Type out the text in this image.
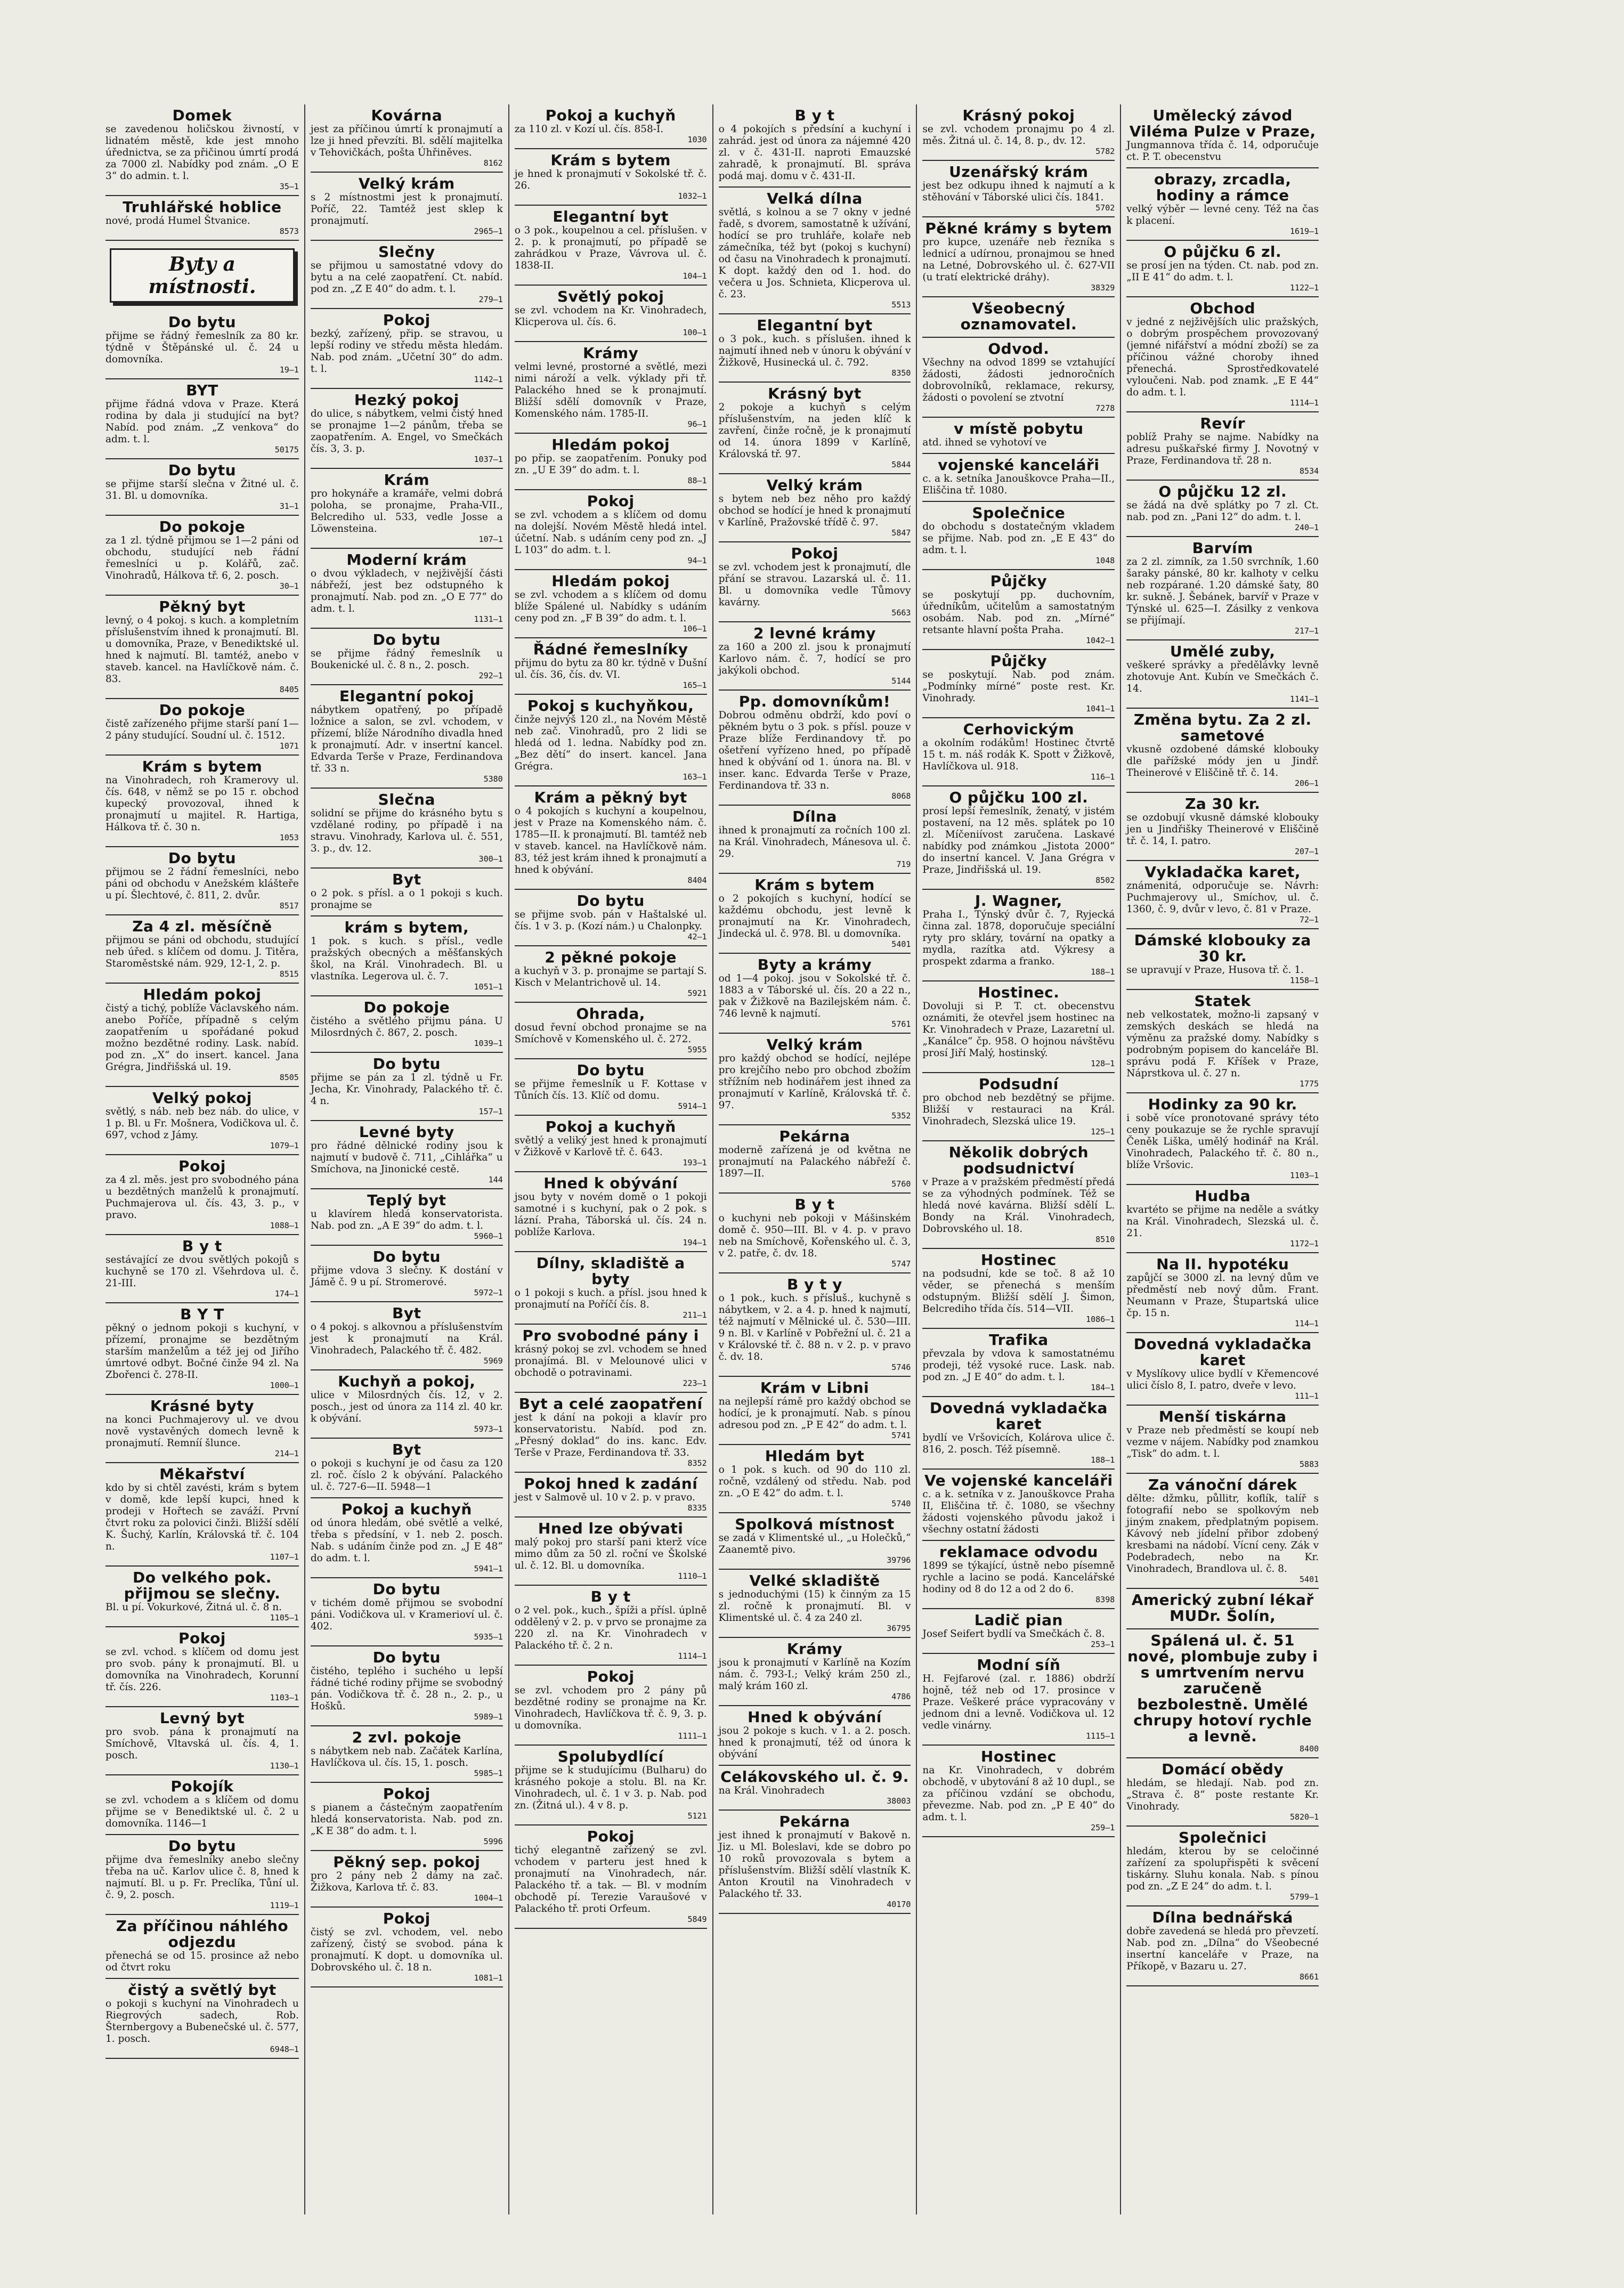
Domek
se zavedenou holičskou živností, v lidnatém městě, kde jest mnoho úřednictva, se za přičinou úmrtí prodá za 7000 zl. Nabídky pod znám. „O E 3“ do admin. t. l.
35—1
Truhlářské hoblice
nové, prodá Humel Štvanice.
8573
Byty a místnosti.
Do bytu
přijme se řádný řemeslník za 80 kr. týdně v Štěpánské ul. č. 24 u domovníka.
19—1
BYT
přijme řádná vdova v Praze. Která rodina by dala ji studující na byt? Nabíd. pod znám. „Z venkova“ do adm. t. l.
50175
Do bytu
se přijme starší slečna v Žitné ul. č. 31. Bl. u domovníka.
31—1
Do pokoje
za 1 zl. týdně přijmou se 1—2 páni od obchodu, studující neb řádní řemeslníci u p. Kolářů, zač. Vinohradů, Hálkova tř. 6, 2. posch.
30—1
Pěkný byt
levný, o 4 pokoj. s kuch. a kompletním příslušenstvím ihned k pronajmutí. Bl. u domovníka, Praze, v Benediktské ul. hned k najmutí. Bl. tamtéž, anebo v staveb. kancel. na Havlíčkově nám. č. 83.
8405
Do pokoje
čistě zařízeného přijme starší paní 1—2 pány studující. Soudní ul. č. 1512.
1071
Krám s bytem
na Vinohradech, roh Kramerovy ul. čís. 648, v němž se po 15 r. obchod kupecký provozoval, ihned k pronajmutí u majitel. R. Hartiga, Hálkova tř. č. 30 n.
1053
Do bytu
přijmou se 2 řádní řemeslníci, nebo páni od obchodu v Anežském klášteře u pí. Šlechtové, č. 811, 2. dvůr.
8517
Za 4 zl. měsíčně
přijmou se páni od obchodu, studující neb úřed. s klíčem od domu. J. Titěra, Staroměstské nám. 929, 12-1, 2. p.
8515
Hledám pokoj
čistý a tichý, poblíže Václavského nám. anebo Poříče, případně s celým zaopatřením u spořádané pokud možno bezdětné rodiny. Lask. nabíd. pod zn. „X“ do insert. kancel. Jana Grégra, Jindřišská ul. 19.
8505
Velký pokoj
světlý, s náb. neb bez náb. do ulice, v 1 p. Bl. u Fr. Mošnera, Vodičkova ul. č. 697, vchod z Jámy.
1079—1
Pokoj
za 4 zl. měs. jest pro svobodného pána u bezdětných manželů k pronajmutí. Puchmajerova ul. čís. 43, 3. p., v pravo.
1088—1
B y t
sestávající ze dvou světlých pokojů s kuchyně se 170 zl. Všehrdova ul. č. 21-III.
174—1
B Y T
pěkný o jednom pokoji s kuchyní, v přízemí, pronajme se bezdětným starším manželům a též jej od Jiřího úmrtové odbyt. Bočné činže 94 zl. Na Zbořenci č. 278-II.
1000—1
Krásné byty
na konci Puchmajerovy ul. ve dvou nově vystavěných domech levně k pronajmutí. Remníí šlunce.
214—1
Měkařství
kdo by si chtěl zavésti, krám s bytem v domě, kde lepší kupci, hned k prodeji v Hořtech se zaváží. První čtvrt roku za polovici činži. Bližší sdělí K. Šuchý, Karlín, Královská tř. č. 104 n.
1107—1
Do velkého pok. přijmou se slečny.
Bl. u pí. Vokurkové, Žitná ul. č. 8 n.
1105—1
Pokoj
se zvl. vchod. s klíčem od domu jest pro svob. pány k pronajmutí. Bl. u domovníka na Vinohradech, Korunní tř. čís. 226.
1103—1
Levný byt
pro svob. pána k pronajmutí na Smíchově, Vltavská ul. čís. 4, 1. posch.
1130—1
Pokojík
se zvl. vchodem a s klíčem od domu přijme se v Benediktské ul. č. 2 u domovníka. 1146—1
Do bytu
přijme dva řemeslníky anebo slečny třeba na uč. Karlov ulice č. 8, hned k najmutí. Bl. u p. Fr. Preclíka, Tůní ul. č. 9, 2. posch.
1119—1
Za příčinou náhlého odjezdu
přenechá se od 15. prosince až nebo od čtvrt roku
čistý a světlý byt
o pokoji s kuchyní na Vinohradech u Riegrových sadech, Rob. Šternbergovy a Bubenečské ul. č. 577, 1. posch.
6948—1
Kovárna
jest za příčinou úmrtí k pronajmutí a lze ji hned převzíti. Bl. sdělí majitelka v Tehovičkách, pošta Úhřiněves.
8162
Velký krám
s 2 místnostmi jest k pronajmutí. Poříč, 22. Tamtéž jest sklep k pronajmutí.
2965—1
Slečny
se přijmou u samostatné vdovy do bytu a na celé zaopatření. Ct. nabíd. pod zn. „Z E 40“ do adm. t. l.
279—1
Pokoj
bezký, zařízený, přip. se stravou, u lepší rodiny ve středu města hledám. Nab. pod znám. „Učetní 30“ do adm. t. l.
1142—1
Hezký pokoj
do ulice, s nábytkem, velmi čistý hned se pronajme 1—2 pánům, třeba se zaopatřením. A. Engel, vo Smečkách čís. 3, 3. p.
1037—1
Krám
pro hokynáře a kramáře, velmi dobrá poloha, se pronajme, Praha-VII., Belcrediho ul. 533, vedle Josse a Löwensteina.
107—1
Moderní krám
o dvou výkladech, v nejživější části nábřeží, jest bez odstupného k pronajmutí. Nab. pod zn. „O E 77“ do adm. t. l.
1131—1
Do bytu
se přijme řádný řemeslník u Boukenické ul. č. 8 n., 2. posch.
292—1
Elegantní pokoj
nábytkem opatřený, po případě ložnice a salon, se zvl. vchodem, v přízemí, blíže Národního divadla hned k pronajmutí. Adr. v insertní kancel. Edvarda Terše v Praze, Ferdinandova tř. 33 n.
5380
Slečna
solidní se přijme do krásného bytu s vzdělané rodiny, po případě i na stravu. Vinohrady, Karlova ul. č. 551, 3. p., dv. 12.
300—1
Byt
o 2 pok. s přísl. a o 1 pokoji s kuch. pronajme se
krám s bytem,
1 pok. s kuch. s přísl., vedle pražských obecných a měšťanských škol, na Král. Vinohradech. Bl. u vlastníka. Legerova ul. č. 7.
1051—1
Do pokoje
čistého a světlého přijmu pána. U Milosrdných č. 867, 2. posch.
1039—1
Do bytu
přijme se pán za 1 zl. týdně u Fr. Jecha, Kr. Vinohrady, Palackého tř. č. 4 n.
157—1
Levné byty
pro řádné dělnické rodiny jsou k najmutí v budově č. 711, „Cihlářka“ u Smíchova, na Jinonické cestě.
144
Teplý byt
u klavírem hledá konservatorista. Nab. pod zn. „A E 39“ do adm. t. l.
5960—1
Do bytu
přijme vdova 3 slečny. K dostání v Jámě č. 9 u pí. Stromerové.
5972—1
Byt
o 4 pokoj. s alkovnou a příslušenstvím jest k pronajmutí na Král. Vinohradech, Palackého tř. č. 482.
5969
Kuchyň a pokoj,
ulice v Milosrdných čís. 12, v 2. posch., jest od února za 114 zl. 40 kr. k obývání.
5973—1
Byt
o pokoji s kuchyní je od času za 120 zl. roč. číslo 2 k obývání. Palackého ul. č. 727-6—II. 5948—1
Pokoj a kuchyň
od února hledám, obé světlé a velké, třeba s předsíní, v 1. neb 2. posch. Nab. s udáním činže pod zn. „J E 48“ do adm. t. l.
5941—1
Do bytu
v tichém domě přijmou se svobodní páni. Vodičkova ul. v Kramerioví ul. č. 402.
5935—1
Do bytu
čistého, teplého i suchého u lepší řádné tiché rodiny přijme se svobodný pán. Vodičkova tř. č. 28 n., 2. p., u Hošků.
5989—1
2 zvl. pokoje
s nábytkem neb nab. Začátek Karlína, Havlíčkova ul. čís. 15, 1. posch.
5985—1
Pokoj
s pianem a částečným zaopatřením hledá konservatorista. Nab. pod zn. „K E 38“ do adm. t. l.
5996
Pěkný sep. pokoj
pro 2 pány neb 2 dámy na zač. Žižkova, Karlova tř. č. 83.
1004—1
Pokoj
čistý se zvl. vchodem, vel. nebo zařízený, čistý se svobod. pána k pronajmutí. K dopt. u domovníka ul. Dobrovského ul. č. 18 n.
1081—1
Pokoj a kuchyň
za 110 zl. v Kozí ul. čís. 858-I.
1030
Krám s bytem
je hned k pronajmutí v Sokolské tř. č. 26.
1032—1
Elegantní byt
o 3 pok., koupelnou a cel. příslušen. v 2. p. k pronajmutí, po případě se zahrádkou v Praze, Vávrova ul. č. 1838-II.
104—1
Světlý pokoj
se zvl. vchodem na Kr. Vinohradech, Klicperova ul. čís. 6.
100—1
Krámy
velmi levné, prostorné a světlé, mezi nimi nároží a velk. výklady při tř. Palackého hned se k pronajmutí. Bližší sdělí domovník v Praze, Komenského nám. 1785-II.
96—1
Hledám pokoj
po přip. se zaopatřením. Ponuky pod zn. „U E 39“ do adm. t. l.
88—1
Pokoj
se zvl. vchodem a s klíčem od domu na dolejší. Novém Městě hledá intel. účetní. Nab. s udáním ceny pod zn. „J L 103“ do adm. t. l.
94—1
Hledám pokoj
se zvl. vchodem a s klíčem od domu blíže Spálené ul. Nabídky s udáním ceny pod zn. „F B 39“ do adm. t. l.
106—1
Řádné řemeslníky
přijmu do bytu za 80 kr. týdně v Dušní ul. čís. 36, čís. dv. VI.
165—1
Pokoj s kuchyňkou,
činže nejvýš 120 zl., na Novém Městě neb zač. Vinohradů, pro 2 lidi se hledá od 1. ledna. Nabídky pod zn. „Bez dětí“ do insert. kancel. Jana Grégra.
163—1
Krám a pěkný byt
o 4 pokojích s kuchyní a koupelnou, jest v Praze na Komenského nám. č. 1785—II. k pronajmutí. Bl. tamtéž neb v staveb. kancel. na Havlíčkově nám. 83, též jest krám ihned k pronajmutí a hned k obývání.
8404
Do bytu
se přijme svob. pán v Haštalské ul. čís. 1 v 3. p. (Kozí nám.) u Chalonpky.
42—1
2 pěkné pokoje
a kuchyň v 3. p. pronajme se partají S. Kisch v Melantrichově ul. 14.
5921
Ohrada,
dosud řevní obchod pronajme se na Smíchově v Komenského ul. č. 272.
5955
Do bytu
se přijme řemeslník u F. Kottase v Tůních čís. 13. Klíč od domu.
5914—1
Pokoj a kuchyň
světlý a veliký jest hned k pronajmutí v Žižkově v Karlově tř. č. 643.
193—1
Hned k obývání
jsou byty v novém domě o 1 pokoji samotné i s kuchyní, pak o 2 pok. s lázní. Praha, Táborská ul. čís. 24 n. poblíže Karlova.
194—1
Dílny, skladiště a byty
o 1 pokoji s kuch. a přísl. jsou hned k pronajmutí na Poříčí čís. 8.
211—1
Pro svobodné pány i
krásný pokoj se zvl. vchodem se hned pronajímá. Bl. v Melounové ulici v obchodě o potravinami.
223—1
Byt a celé zaopatření
jest k dání na pokoji a klavír pro konservatoristu. Nabíd. pod zn. „Přesný doklad“ do ins. kanc. Edv. Terše v Praze, Ferdinandova tř. 33.
8352
Pokoj hned k zadání
jest v Salmově ul. 10 v 2. p. v pravo.
8335
Hned lze obývati
malý pokoj pro starší pani kterž více mimo dům za 50 zl. roční ve Školské ul. č. 12. Bl. u domovníka.
1110—1
B y t
o 2 vel. pok., kuch., špíži a přísl. úplně oddělený v 2. p. v prvo se pronajme za 220 zl. na Kr. Vinohradech v Palackého tř. č. 2 n.
1114—1
Pokoj
se zvl. vchodem pro 2 pány pů bezdětné rodiny se pronajme na Kr. Vinohradech, Havlíčkova tř. č. 9, 3. p. u domovníka.
1111—1
Spolubydlící
přijme se k studujícímu (Bulharu) do krásného pokoje a stolu. Bl. na Kr. Vinohradech, ul. č. 1 v 3. p. Nab. pod zn. (Žitná ul.). 4 v 8. p.
5121
Pokoj
tichý elegantně zařízený se zvl. vchodem v parteru jest hned k pronajmutí na Vinohradech, nár. Palackého tř. a tak. — Bl. v modním obchodě pí. Terezie Varaušové v Palackého tř. proti Orfeum.
5849
B y t
o 4 pokojích s předsíní a kuchyní i zahrád. jest od února za nájemné 420 zl. v č. 431-II. naproti Emauzské zahradě, k pronajmutí. Bl. správa podá maj. domu v č. 431-II.
Velká dílna
světlá, s kolnou a se 7 okny v jedné řadě, s dvorem, samostatně k užívání, hodící se pro truhláře, kolaře neb zámečníka, též byt (pokoj s kuchyní) od času na Vinohradech k pronajmutí. K dopt. každý den od 1. hod. do večera u Jos. Schnieta, Klicperova ul. č. 23.
5513
Elegantní byt
o 3 pok., kuch. s příslušen. ihned k najmutí ihned neb v únoru k obývání v Žižkově, Husinecká ul. č. 792.
8350
Krásný byt
2 pokoje a kuchyň s celým příslušenstvím, na jeden klíč k zavření, činže ročně, je k pronajmutí od 14. února 1899 v Karlíně, Královská tř. 97.
5844
Velký krám
s bytem neb bez něho pro každý obchod se hodící je hned k pronajmutí v Karlíně, Pražovské třídě č. 97.
5847
Pokoj
se zvl. vchodem jest k pronajmutí, dle přání se stravou. Lazarská ul. č. 11. Bl. u domovníka vedle Tůmovy kavárny.
5663
2 levné krámy
za 160 a 200 zl. jsou k pronajmutí Karlovo nám. č. 7, hodící se pro jakýkoli obchod.
5144
Pp. domovníkům!
Dobrou odměnu obdrží, kdo poví o pěkném bytu o 3 pok. s přísl. pouze v Praze blíže Ferdinandovy tř. po ošetření vyřízeno hned, po případě hned k obývání od 1. února na. Bl. v inser. kanc. Edvarda Terše v Praze, Ferdinandova tř. 33 n.
8068
Dílna
ihned k pronajmutí za ročních 100 zl. na Král. Vinohradech, Mánesova ul. č. 29.
719
Krám s bytem
o 2 pokojích s kuchyní, hodící se každému obchodu, jest levně k pronajmutí na Kr. Vinohradech, Jindecká ul. č. 978. Bl. u domovníka.
5401
Byty a krámy
od 1—4 pokoj. jsou v Sokolské tř. č. 1883 a v Táborské ul. čís. 20 a 22 n., pak v Žižkově na Bazilejském nám. č. 746 levně k najmutí.
5761
Velký krám
pro každý obchod se hodící, nejlépe pro krejčího nebo pro obchod zbožím střížním neb hodinářem jest ihned za pronajmutí v Karlíně, Královská tř. č. 97.
5352
Pekárna
moderně zařízená je od května ne pronajmutí na Palackého nábřeží č. 1897—II.
5760
B y t
o kuchyni neb pokoji v Mášinském domě č. 950—III. Bl. v 4. p. v pravo neb na Smíchově, Kořenského ul. č. 3, v 2. patře, č. dv. 18.
5747
B y t y
o 1 pok., kuch. s přísluš., kuchyně s nábytkem, v 2. a 4. p. hned k najmutí, též najmutí v Mělnické ul. č. 530—III. 9 n. Bl. v Karlíně v Pobřežní ul. č. 21 a v Královské tř. č. 88 n. v 2. p. v pravo č. dv. 18.
5746
Krám v Libni
na nejlepší rámě pro každý obchod se hodící, je k pronajmutí. Nab. s pínou adresou pod zn. „P E 42“ do adm. t. l.
5741
Hledám byt
o 1 pok. s kuch. od 90 do 110 zl. ročně, vzdálený od středu. Nab. pod zn. „O E 42“ do adm. t. l.
5740
Spolková místnost
se zadá v Klimentské ul., „u Holečků,“ Zaanemtě pivo.
39796
Velké skladiště
s jednoduchými (15) k činným za 15 zl. ročně k pronajmutí. Bl. v Klimentské ul. č. 4 za 240 zl.
36795
Krámy
jsou k pronajmutí v Karlíně na Kozím nám. č. 793-I.; Velký krám 250 zl., malý krám 160 zl.
4786
Hned k obývání
jsou 2 pokoje s kuch. v 1. a 2. posch. hned k pronajmutí, též od února k obývání
Celákovského ul. č. 9.
na Král. Vinohradech
38003
Pekárna
jest ihned k pronajmutí v Bakově n. Jiz. u Ml. Boleslavi, kde se dobro po 10 roků provozovala s bytem a příslušenstvím. Bližší sdělí vlastník K. Anton Kroutil na Vinohradech v Palackého tř. 33.
40170
Krásný pokoj
se zvl. vchodem pronajmu po 4 zl. měs. Žitná ul. č. 14, 8. p., dv. 12.
5782
Uzenářský krám
jest bez odkupu ihned k najmutí a k stěhování v Táborské ulici čís. 1841.
5702
Pěkné krámy s bytem
pro kupce, uzenáře neb řezníka s lednicí a udírnou, pronajmou se hned na Letné, Dobrovského ul. č. 627-VII (u tratí elektrické dráhy).
38329
Všeobecný oznamovatel.
Odvod.
Všechny na odvod 1899 se vztahující žádosti, žádosti jednoročních dobrovolníků, reklamace, rekursy, žádosti o povolení se ztvotní
7278
v místě pobytu
atd. ihned se vyhotoví ve
vojenské kanceláři
c. a k. setníka Janouškovce Praha—II., Eliščina tř. 1080.
Společnice
do obchodu s dostatečným vkladem se přijme. Nab. pod zn. „E E 43“ do adm. t. l.
1048
Půjčky
se poskytují pp. duchovním, úředníkům, učitelům a samostatným osobám. Nab. pod zn. „Mírné“ retsante hlavní pošta Praha.
1042—1
Půjčky
se poskytují. Nab. pod znám. „Podmínky mírné“ poste rest. Kr. Vinohrady.
1041—1
Cerhovickým
a okolním rodákům! Hostinec čtvrtě 15 t. m. náš rodák K. Spott v Žižkově, Havlíčkova ul. 918.
116—1
O půjčku 100 zl.
prosí lepší řemeslník, ženatý, v jistém postavení, na 12 měs. splátek po 10 zl. Míčeniívost zaručena. Laskavé nabídky pod známkou „Jistota 2000“ do insertní kancel. V. Jana Grégra v Praze, Jindřišská ul. 19.
8502
J. Wagner,
Praha I., Týnský dvůr č. 7, Ryjecká činna zal. 1878, doporučuje speciální ryty pro skláry, tovární na opatky a mydla, razítka atd. Výkresy a prospekt zdarma a franko.
188—1
Hostinec.
Dovoluji si P. T. ct. obecenstvu oznámiti, že otevřel jsem hostinec na Kr. Vinohradech v Praze, Lazaretní ul. „Kanálce“ čp. 958. O hojnou návštěvu prosí Jiří Malý, hostinský.
128—1
Podsudní
pro obchod neb bezdětný se přijme. Bližší v restauraci na Král. Vinohradech, Slezská ulice 19.
125—1
Několik dobrých podsudnictví
v Praze a v pražském předměstí předá se za výhodných podmínek. Též se hledá nové kavárna. Bližší sdělí L. Bondy na Král. Vinohradech, Dobrovského ul. 18.
8510
Hostinec
na podsudní, kde se toč. 8 až 10 věder, se přenechá s menším odstupným. Bližší sdělí J. Šimon, Belcrediho třída čís. 514—VII.
1086—1
Trafika
převzala by vdova k samostatnému prodeji, též vysoké ruce. Lask. nab. pod zn. „J E 40“ do adm. t. l.
184—1
Dovedná vykladačka karet
bydlí ve Vršovicích, Kolárova ulice č. 816, 2. posch. Též písemně.
188—1
Ve vojenské kanceláři
c. a k. setníka v z. Janouškovce Praha II, Eliščina tř. č. 1080, se všechny žádosti vojenského původu jakož i všechny ostatní žádosti
reklamace odvodu
1899 se týkající, ústně nebo písemně rychle a lacino se podá. Kancelářské hodiny od 8 do 12 a od 2 do 6.
8398
Ladič pian
Josef Seifert bydlí va Smečkách č. 8.
253—1
Modní síň
H. Fejfarové (zal. r. 1886) obdrží hojně, též neb od 17. prosince v Praze. Veškeré práce vypracovány v jednom dni a levně. Vodičkova ul. 12 vedle vinárny.
1115—1
Hostinec
na Kr. Vinohradech, v dobrém obchodě, v ubytování 8 až 10 dupl., se za příčinou vzdání se obchodu, převezme. Nab. pod zn. „P E 40“ do adm. t. l.
259—1
Umělecký závod Viléma Pulze v Praze,
Jungmannova třída č. 14, odporučuje ct. P. T. obecenstvu
obrazy, zrcadla, hodiny a rámce
velký výběr — levné ceny. Též na čas k placení.
1619—1
O půjčku 6 zl.
se prosí jen na týden. Ct. nab. pod zn. „II E 41“ do adm. t. l.
1122—1
Obchod
v jedné z nejživějších ulic pražských, o dobrým prospěchem provozovaný (jemné nifářství a módní zboží) se za příčinou vážné choroby ihned přenechá. Sprostředkovatelé vyloučeni. Nab. pod znamk. „E E 44“ do adm. t. l.
1114—1
Revír
poblíž Prahy se najme. Nabídky na adresu puškařské firmy J. Novotný v Praze, Ferdinandova tř. 28 n.
8534
O půjčku 12 zl.
se žádá na dvě splátky po 7 zl. Ct. nab. pod zn. „Pani 12“ do adm. t. l.
240—1
Barvím
za 2 zl. zimník, za 1.50 svrchník, 1.60 šaraky pánské, 80 kr. kalhoty v celku neb rozpárané. 1.20 dámské šaty, 80 kr. sukně. J. Šebánek, barvíř v Praze v Týnské ul. 625—I. Zásilky z venkova se přijímají.
217—1
Umělé zuby,
veškeré správky a předělávky levně zhotovuje Ant. Kubín ve Smečkách č. 14.
1141—1
Změna bytu. Za 2 zl. sametové
vkusně ozdobené dámské klobouky dle pařížské módy jen u Jindř. Theinerové v Eliščině tř. č. 14.
206—1
Za 30 kr.
se ozdobují vkusně dámské klobouky jen u Jindřišky Theinerové v Eliščině tř. č. 14, I. patro.
207—1
Vykladačka karet,
známenitá, odporučuje se. Návrh: Puchmajerovy ul., Smíchov, ul. č. 1360, č. 9, dvůr v levo, č. 81 v Praze.
72—1
Dámské klobouky za 30 kr.
se upravují v Praze, Husova tř. č. 1.
1158—1
Statek
neb velkostatek, možno-li zapsaný v zemských deskách se hledá na výměnu za pražské domy. Nabídky s podrobným popisem do kanceláře Bl. správu podá F. Kříšek v Praze, Náprstkova ul. č. 27 n.
1775
Hodinky za 90 kr.
i sobě více pronotované správy této ceny poukazuje se že rychle spravují Čeněk Liška, umělý hodinář na Král. Vinohradech, Palackého tř. č. 80 n., blíže Vršovic.
1103—1
Hudba
kvartéto se přijme na neděle a svátky na Král. Vinohradech, Slezská ul. č. 21.
1172—1
Na II. hypotéku
zapůjčí se 3000 zl. na levný dům ve předměstí neb nový dům. Frant. Neumann v Praze, Štupartská ulice čp. 15 n.
114—1
Dovedná vykladačka karet
v Myslíkovy ulice bydlí v Křemencové ulici číslo 8, I. patro, dveře v levo.
111—1
Menší tiskárna
v Praze neb předměstí se koupí neb vezme v nájem. Nabídky pod znamkou „Tisk“ do adm. t. l.
5883
Za vánoční dárek
dělte: džmku, půllitr, koflík, talíř s fotografií nebo se spolkovým neb jiným znakem, předplatným popisem. Kávový neb jídelní přibor zdobený kresbami na nádobí. Vícní ceny. Zák v Podebradech, nebo na Kr. Vinohradech, Brandlova ul. č. 8.
5401
Americký zubní lékař MUDr. Šolín,
Spálená ul. č. 51 nové, plombuje zuby i s umrtvením nervu zaručeně bezbolestně. Umělé chrupy hotoví rychle a levně.
8400
Domácí obědy
hledám, se hledají. Nab. pod zn. „Strava č. 8“ poste restante Kr. Vinohrady.
5820—1
Společnici
hledám, kterou by se celočinné zařízení za spolupřispěti k svěcení tiskárny. Sluhu konala. Nab. s pínou pod zn. „Z E 24“ do adm. t. l.
5799—1
Dílna bednářská
dobře zavedená se hledá pro převzetí. Nab. pod zn. „Dílna“ do Všeobecné insertní kanceláře v Praze, na Příkopě, v Bazaru u. 27.
8661
